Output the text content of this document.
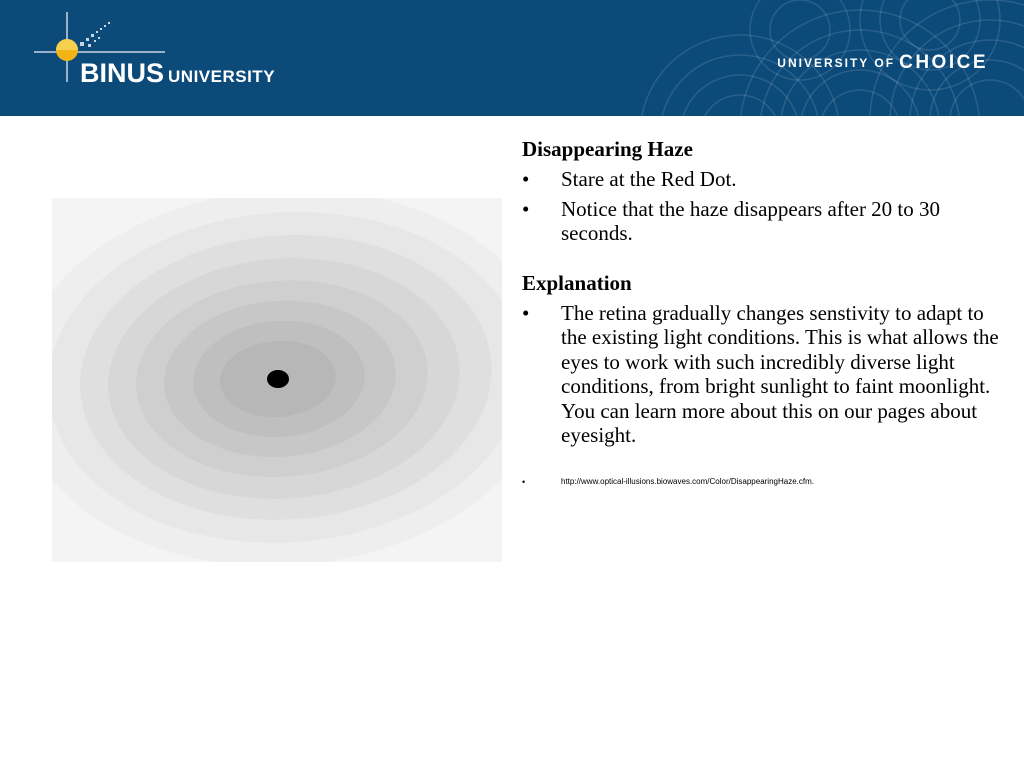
BINUS UNIVERSITY
UNIVERSITY OF CHOICE

Disappearing Haze

• Stare at the Red Dot.
• Notice that the haze disappears after 20 to 30 seconds.

Explanation

• The retina gradually changes senstivity to adapt to the existing light conditions. This is what allows the eyes to work with such incredibly diverse light conditions, from bright sunlight to faint moonlight. You can learn more about this on our pages about eyesight.
•	http://www.optical-illusions.biowaves.com/Color/DisappearingHaze.cfm.
